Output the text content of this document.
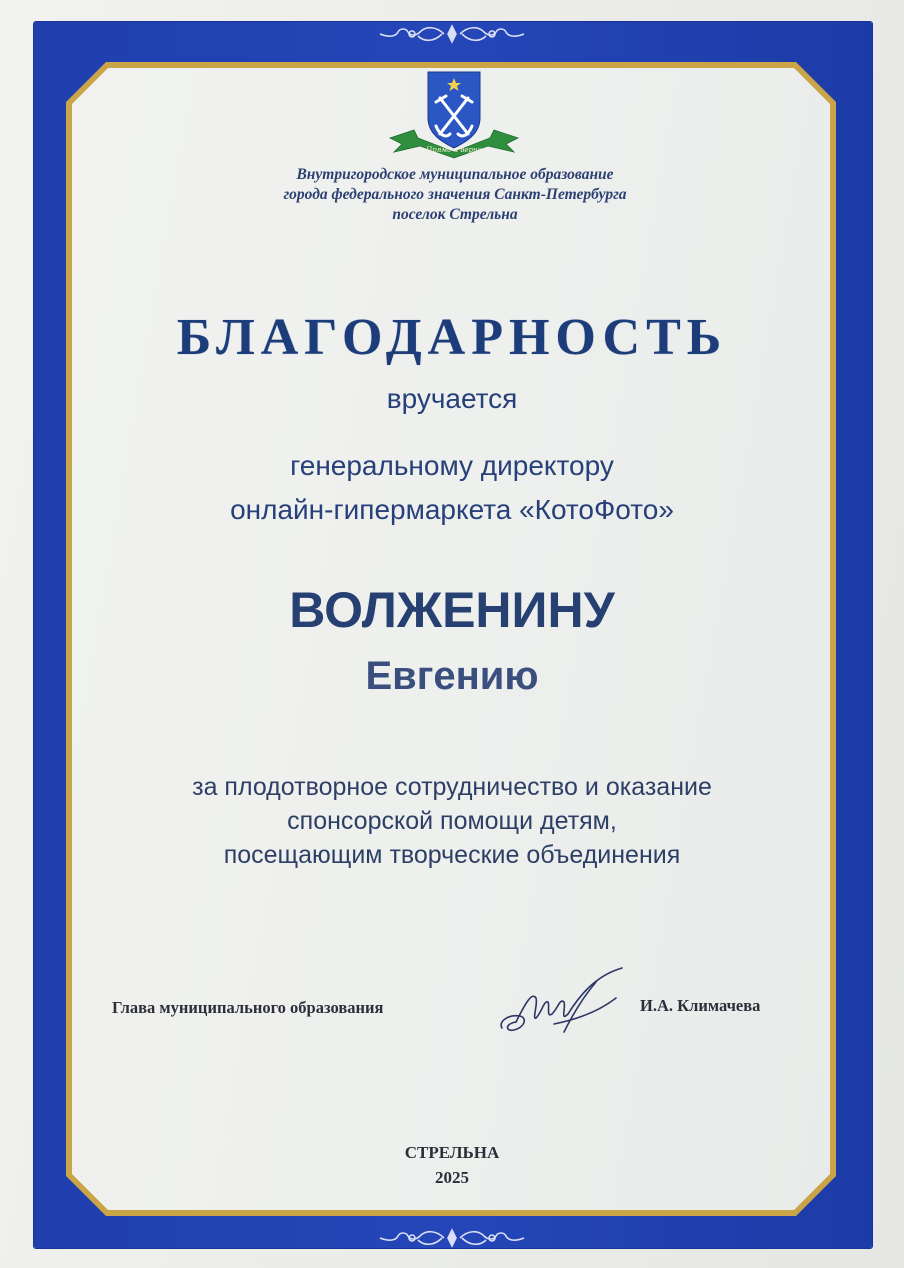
Прямо и верно
Внутригородское муниципальное образование
города федерального значения Санкт-Петербурга
поселок Стрельна
БЛАГОДАРНОСТЬ
вручается
генеральному директору
онлайн-гипермаркета «КотоФото»
ВОЛЖЕНИНУ
Евгению
за плодотворное сотрудничество и оказание
спонсорской помощи детям,
посещающим творческие объединения
Глава муниципального образования	И.А. Климачева
СТРЕЛЬНА
2025
